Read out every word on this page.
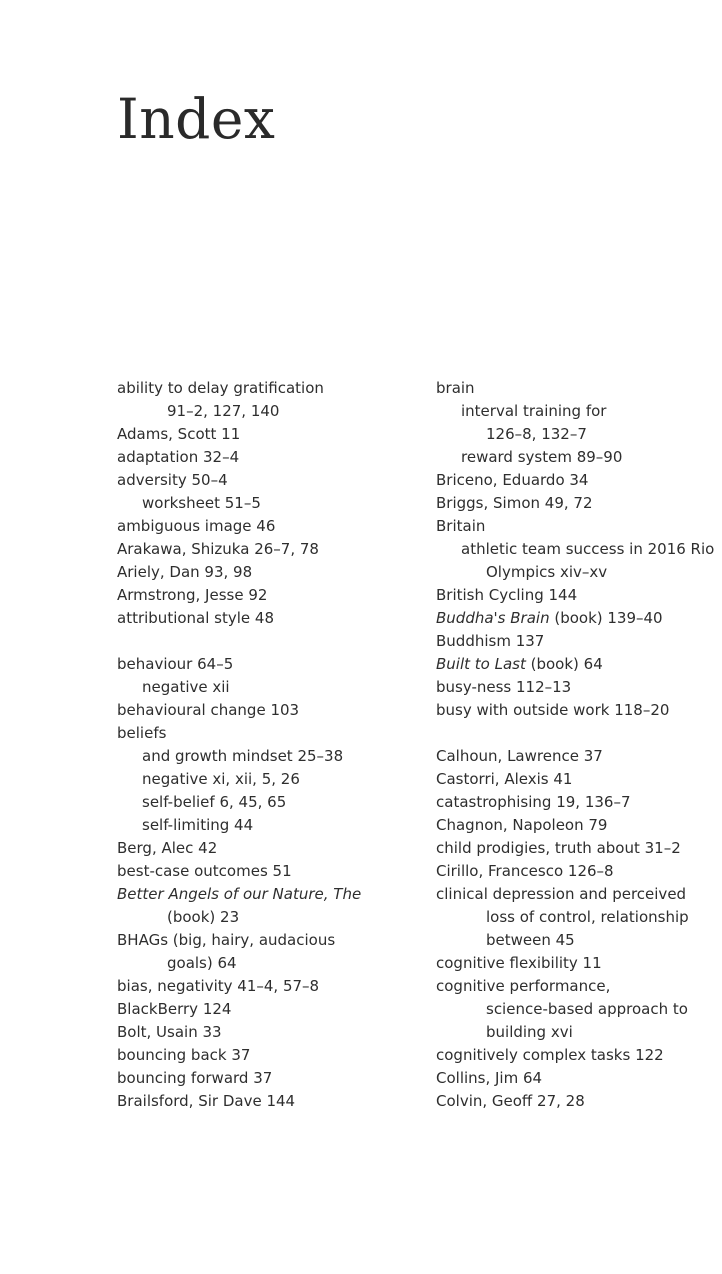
Index
ability to delay gratification
91–2, 127, 140
Adams, Scott 11
adaptation 32–4
adversity 50–4
worksheet 51–5
ambiguous image 46
Arakawa, Shizuka 26–7, 78
Ariely, Dan 93, 98
Armstrong, Jesse 92
attributional style 48
behaviour 64–5
negative xii
behavioural change 103
beliefs
and growth mindset 25–38
negative xi, xii, 5, 26
self-belief 6, 45, 65
self-limiting 44
Berg, Alec 42
best-case outcomes 51
Better Angels of our Nature, The
(book) 23
BHAGs (big, hairy, audacious
goals) 64
bias, negativity 41–4, 57–8
BlackBerry 124
Bolt, Usain 33
bouncing back 37
bouncing forward 37
Brailsford, Sir Dave 144
brain
interval training for
126–8, 132–7
reward system 89–90
Briceno, Eduardo 34
Briggs, Simon 49, 72
Britain
athletic team success in 2016 Rio
Olympics xiv–xv
British Cycling 144
Buddha's Brain (book) 139–40
Buddhism 137
Built to Last (book) 64
busy-ness 112–13
busy with outside work 118–20
Calhoun, Lawrence 37
Castorri, Alexis 41
catastrophising 19, 136–7
Chagnon, Napoleon 79
child prodigies, truth about 31–2
Cirillo, Francesco 126–8
clinical depression and perceived
loss of control, relationship
between 45
cognitive flexibility 11
cognitive performance,
science-based approach to
building xvi
cognitively complex tasks 122
Collins, Jim 64
Colvin, Geoff 27, 28
